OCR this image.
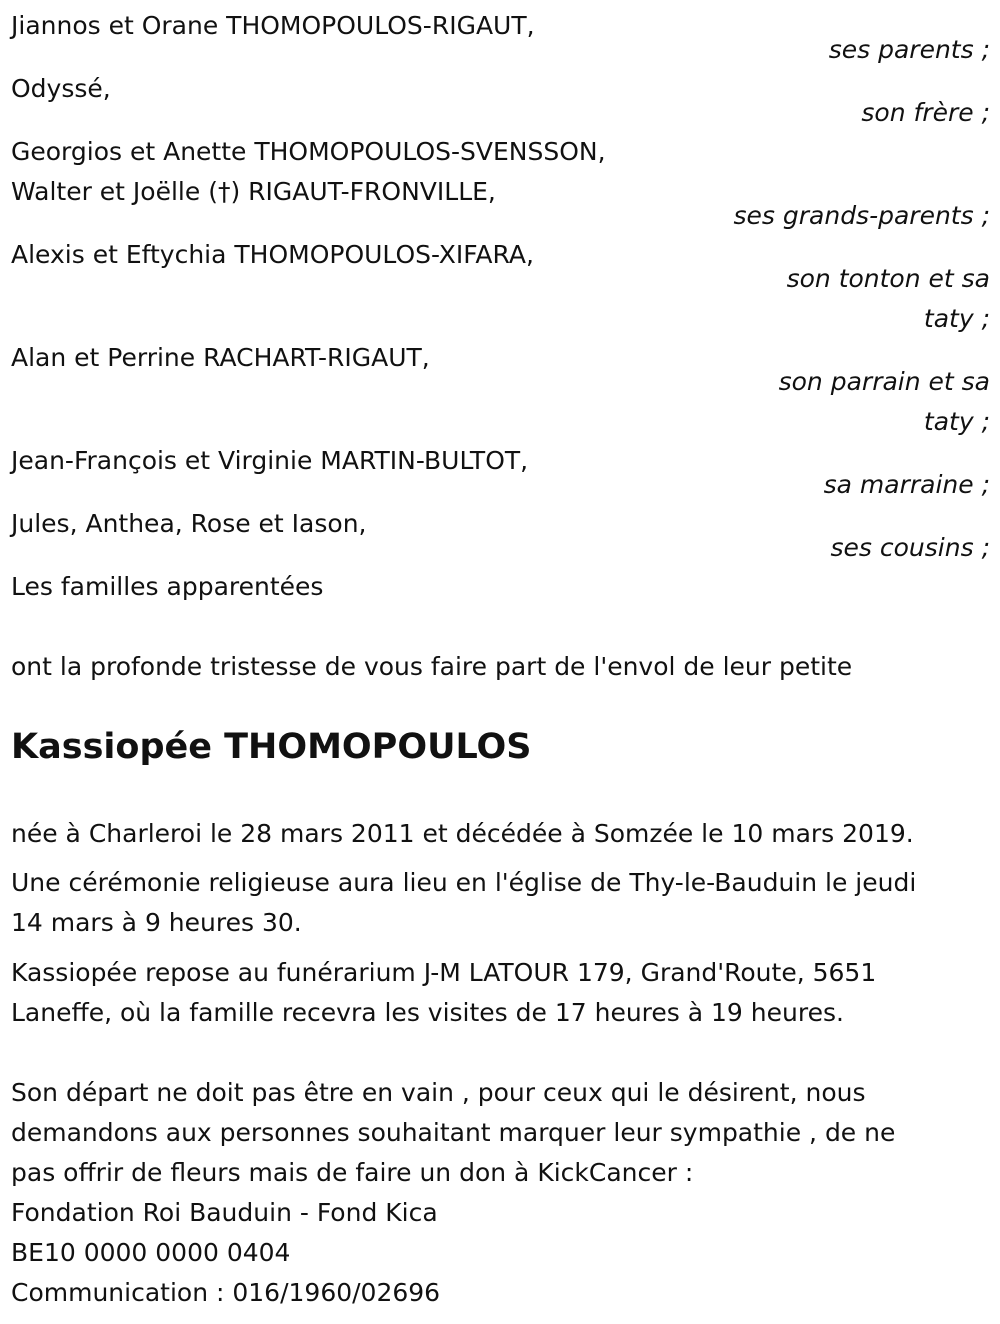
Jiannos et Orane THOMOPOULOS-RIGAUT,
ses parents ;
Odyssé,
son frère ;
Georgios et Anette THOMOPOULOS-SVENSSON,
Walter et Joëlle (†) RIGAUT-FRONVILLE,
ses grands-parents ;
Alexis et Eftychia THOMOPOULOS-XIFARA,
son tonton et sa
taty ;
Alan et Perrine RACHART-RIGAUT,
son parrain et sa
taty ;
Jean-François et Virginie MARTIN-BULTOT,
sa marraine ;
Jules, Anthea, Rose et Iason,
ses cousins ;
Les familles apparentées
ont la profonde tristesse de vous faire part de l'envol de leur petite
Kassiopée THOMOPOULOS
née à Charleroi le 28 mars 2011 et décédée à Somzée le 10 mars 2019.
Une cérémonie religieuse aura lieu en l'église de Thy-le-Bauduin le jeudi
14 mars à 9 heures 30.
Kassiopée repose au funérarium J-M LATOUR 179, Grand'Route, 5651
Laneffe, où la famille recevra les visites de 17 heures à 19 heures.
Son départ ne doit pas être en vain , pour ceux qui le désirent, nous
demandons aux personnes souhaitant marquer leur sympathie , de ne
pas offrir de fleurs mais de faire un don à KickCancer :
Fondation Roi Bauduin - Fond Kica
BE10 0000 0000 0404
Communication : 016/1960/02696
